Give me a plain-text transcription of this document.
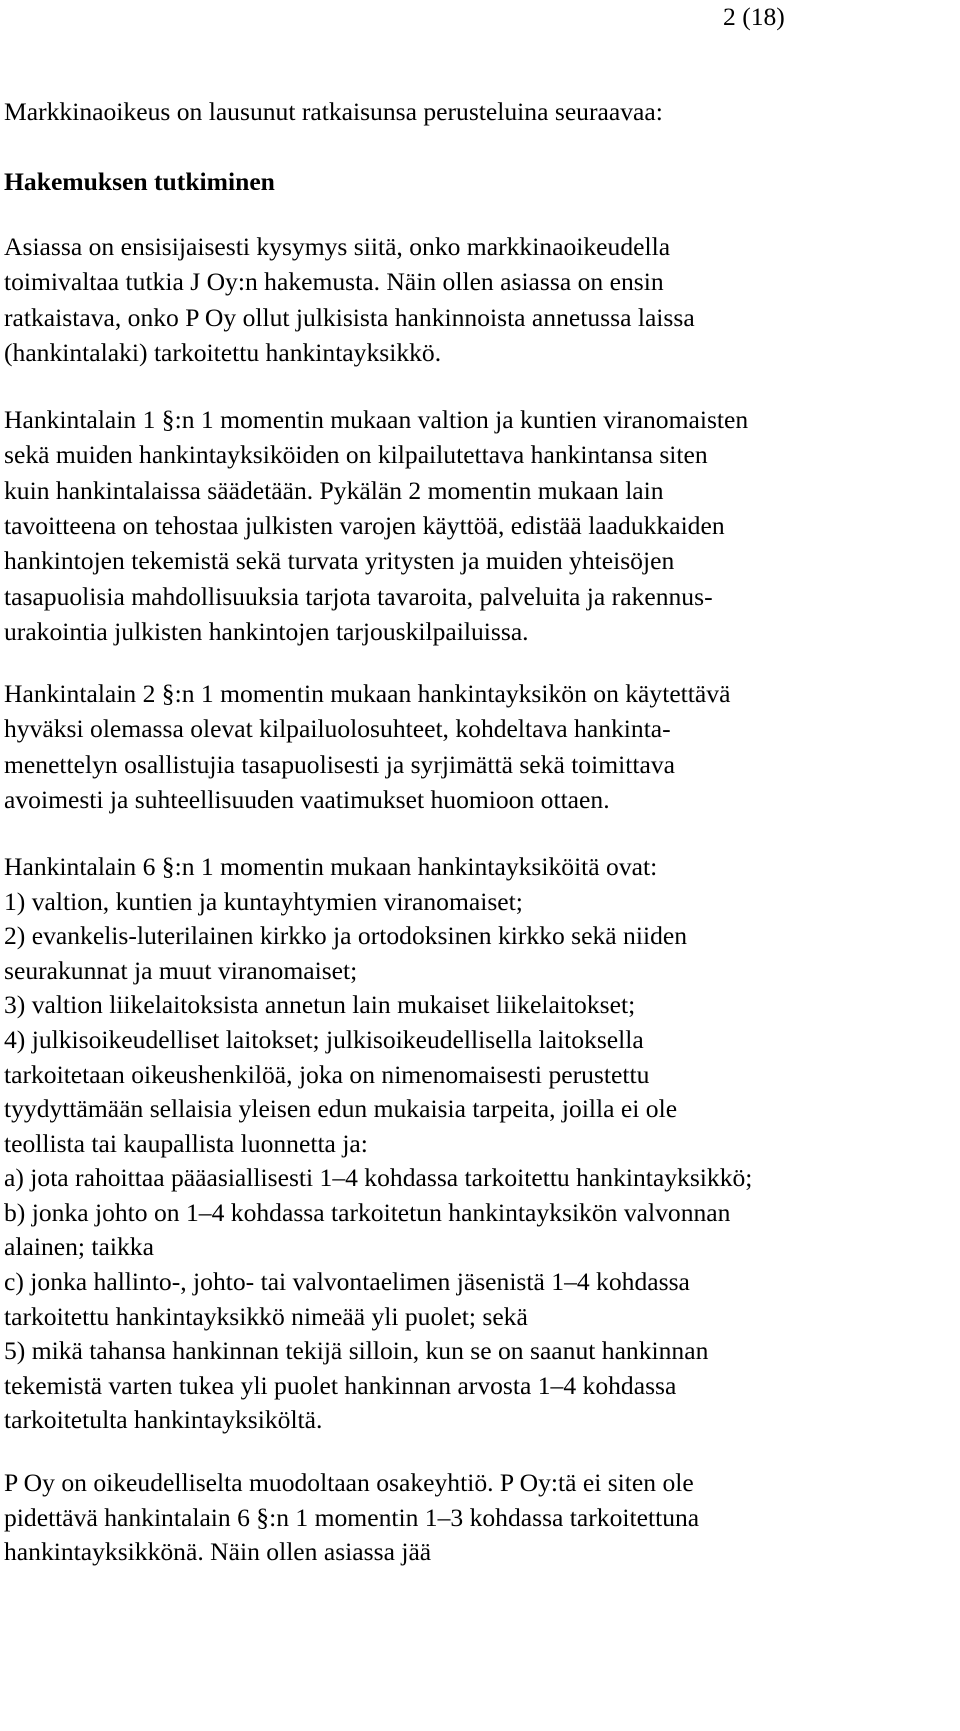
2 (18)
Markkinaoikeus on lausunut ratkaisunsa perusteluina seuraavaa:
Hakemuksen tutkiminen
Asiassa on ensisijaisesti kysymys siitä, onko markkinaoikeudella
toimivaltaa tutkia J Oy:n hakemusta. Näin ollen asiassa on ensin
ratkaistava, onko P Oy ollut julkisista hankinnoista annetussa laissa
(hankintalaki) tarkoitettu hankintayksikkö.
Hankintalain 1 §:n 1 momentin mukaan valtion ja kuntien viranomaisten
sekä muiden hankintayksiköiden on kilpailutettava hankintansa siten
kuin hankintalaissa säädetään. Pykälän 2 momentin mukaan lain
tavoitteena on tehostaa julkisten varojen käyttöä, edistää laadukkaiden
hankintojen tekemistä sekä turvata yritysten ja muiden yhteisöjen
tasapuolisia mahdollisuuksia tarjota tavaroita, palveluita ja rakennus-
urakointia julkisten hankintojen tarjouskilpailuissa.
Hankintalain 2 §:n 1 momentin mukaan hankintayksikön on käytettävä
hyväksi olemassa olevat kilpailuolosuhteet, kohdeltava hankinta-
menettelyn osallistujia tasapuolisesti ja syrjimättä sekä toimittava
avoimesti ja suhteellisuuden vaatimukset huomioon ottaen.
Hankintalain 6 §:n 1 momentin mukaan hankintayksiköitä ovat:
1) valtion, kuntien ja kuntayhtymien viranomaiset;
2) evankelis-luterilainen kirkko ja ortodoksinen kirkko sekä niiden
seurakunnat ja muut viranomaiset;
3) valtion liikelaitoksista annetun lain mukaiset liikelaitokset;
4) julkisoikeudelliset laitokset; julkisoikeudellisella laitoksella
tarkoitetaan oikeushenkilöä, joka on nimenomaisesti perustettu
tyydyttämään sellaisia yleisen edun mukaisia tarpeita, joilla ei ole
teollista tai kaupallista luonnetta ja:
a) jota rahoittaa pääasiallisesti 1–4 kohdassa tarkoitettu hankintayksikkö;
b) jonka johto on 1–4 kohdassa tarkoitetun hankintayksikön valvonnan
alainen; taikka
c) jonka hallinto-, johto- tai valvontaelimen jäsenistä 1–4 kohdassa
tarkoitettu hankintayksikkö nimeää yli puolet; sekä
5) mikä tahansa hankinnan tekijä silloin, kun se on saanut hankinnan
tekemistä varten tukea yli puolet hankinnan arvosta 1–4 kohdassa
tarkoitetulta hankintayksiköltä.
P Oy on oikeudelliselta muodoltaan osakeyhtiö. P Oy:tä ei siten ole
pidettävä hankintalain 6 §:n 1 momentin 1–3 kohdassa tarkoitettuna
hankintayksikkönä. Näin ollen asiassa jää
